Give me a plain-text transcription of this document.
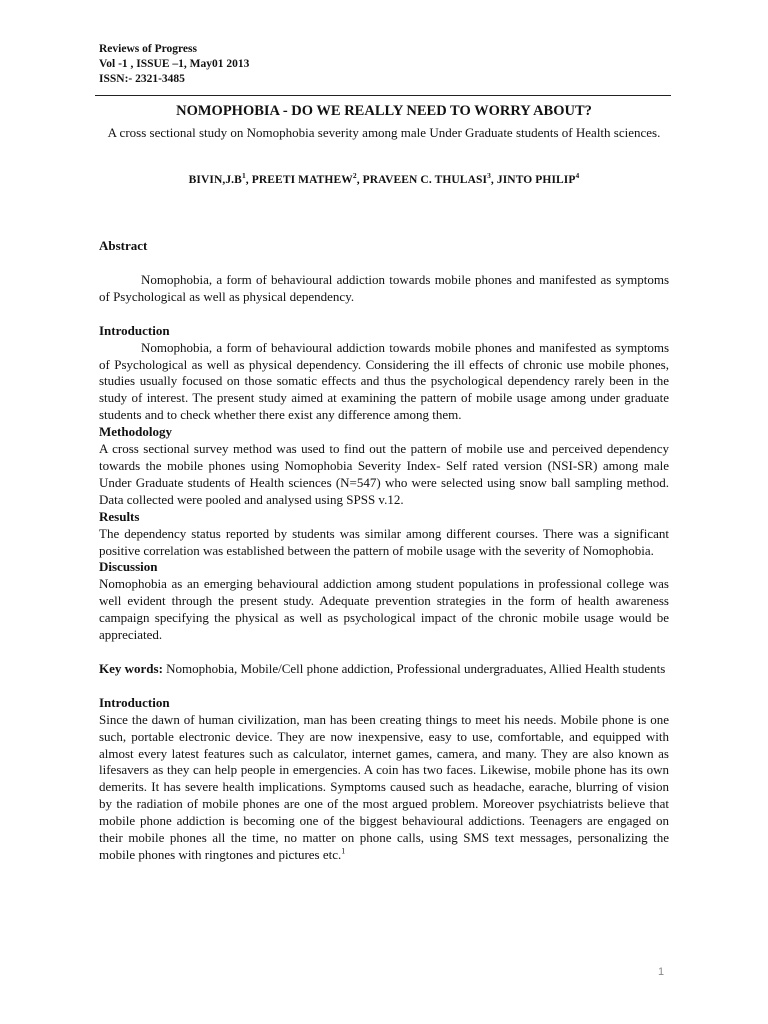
Reviews of Progress
Vol -1 , ISSUE –1, May01 2013
ISSN:- 2321-3485
NOMOPHOBIA - DO WE REALLY NEED TO WORRY ABOUT?
A cross sectional study on Nomophobia severity among male Under Graduate students of Health sciences.
$BIVIN,J.B^1$, PREETI MATHEW$^2$, PRAVEEN C. THULASI$^3$, JINTO PHILIP$^4$

Abstract

Nomophobia, a form of behavioural addiction towards mobile phones and manifested as symptoms of Psychological as well as physical dependency.

Introduction

Nomophobia, a form of behavioural addiction towards mobile phones and manifested as symptoms of Psychological as well as physical dependency. Considering the ill effects of chronic use mobile phones, studies usually focused on those somatic effects and thus the psychological dependency rarely been in the study of interest. The present study aimed at examining the pattern of mobile usage among under graduate students and to check whether there exist any difference among them.

Methodology

A cross sectional survey method was used to find out the pattern of mobile use and perceived dependency towards the mobile phones using Nomophobia Severity Index- Self rated version (NSI-SR) among male Under Graduate students of Health sciences (N=547) who were selected using snow ball sampling method. Data collected were pooled and analysed using SPSS v.12.

Results

The dependency status reported by students was similar among different courses. There was a significant positive correlation was established between the pattern of mobile usage with the severity of Nomophobia.

Discussion

Nomophobia as an emerging behavioural addiction among student populations in professional college was well evident through the present study. Adequate prevention strategies in the form of health awareness campaign specifying the physical as well as psychological impact of the chronic mobile usage would be appreciated.

Key words: Nomophobia, Mobile/Cell phone addiction, Professional undergraduates, Allied Health students

Introduction

Since the dawn of human civilization, man has been creating things to meet his needs. Mobile phone is one such, portable electronic device. They are now inexpensive, easy to use, comfortable, and equipped with almost every latest features such as calculator, internet games, camera, and many. They are also known as lifesavers as they can help people in emergencies. A coin has two faces. Likewise, mobile phone has its own demerits. It has severe health implications. Symptoms caused such as headache, earache, blurring of vision by the radiation of mobile phones are one of the most argued problem. Moreover psychiatrists believe that mobile phone addiction is becoming one of the biggest behavioural addictions. Teenagers are engaged on their mobile phones all the time, no matter on phone calls, using SMS text messages, personalizing the mobile phones with ringtones and pictures etc.$^1$

1
